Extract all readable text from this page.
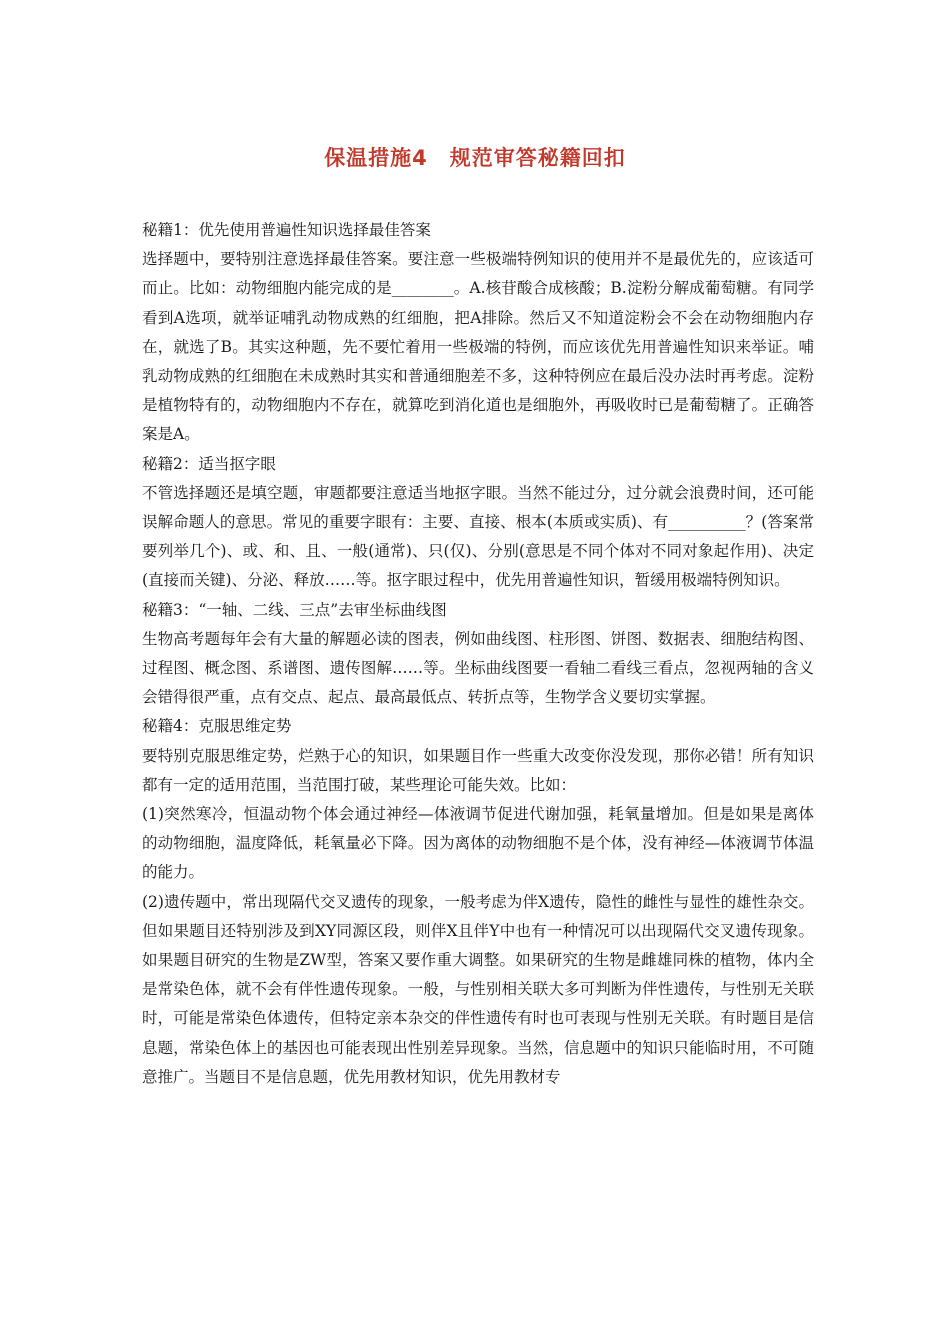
保温措施4　规范审答秘籍回扣

秘籍1：优先使用普遍性知识选择最佳答案

选择题中，要特别注意选择最佳答案。要注意一些极端特例知识的使用并不是最优先的，应该适可而止。比如：动物细胞内能完成的是________。A.核苷酸合成核酸；B.淀粉分解成葡萄糖。有同学看到A选项，就举证哺乳动物成熟的红细胞，把A排除。然后又不知道淀粉会不会在动物细胞内存在，就选了B。其实这种题，先不要忙着用一些极端的特例，而应该优先用普遍性知识来举证。哺乳动物成熟的红细胞在未成熟时其实和普通细胞差不多，这种特例应在最后没办法时再考虑。淀粉是植物特有的，动物细胞内不存在，就算吃到消化道也是细胞外，再吸收时已是葡萄糖了。正确答案是A。

秘籍2：适当抠字眼

不管选择题还是填空题，审题都要注意适当地抠字眼。当然不能过分，过分就会浪费时间，还可能误解命题人的意思。常见的重要字眼有：主要、直接、根本(本质或实质)、有__________？(答案常要列举几个)、或、和、且、一般(通常)、只(仅)、分别(意思是不同个体对不同对象起作用)、决定(直接而关键)、分泌、释放……等。抠字眼过程中，优先用普遍性知识，暂缓用极端特例知识。

秘籍3：“一轴、二线、三点”去审坐标曲线图

生物高考题每年会有大量的解题必读的图表，例如曲线图、柱形图、饼图、数据表、细胞结构图、过程图、概念图、系谱图、遗传图解……等。坐标曲线图要一看轴二看线三看点，忽视两轴的含义会错得很严重，点有交点、起点、最高最低点、转折点等，生物学含义要切实掌握。

秘籍4：克服思维定势

要特别克服思维定势，烂熟于心的知识，如果题目作一些重大改变你没发现，那你必错！所有知识都有一定的适用范围，当范围打破，某些理论可能失效。比如：

(1)突然寒冷，恒温动物个体会通过神经—体液调节促进代谢加强，耗氧量增加。但是如果是离体的动物细胞，温度降低，耗氧量必下降。因为离体的动物细胞不是个体，没有神经—体液调节体温的能力。

(2)遗传题中，常出现隔代交叉遗传的现象，一般考虑为伴X遗传，隐性的雌性与显性的雄性杂交。但如果题目还特别涉及到XY同源区段，则伴X且伴Y中也有一种情况可以出现隔代交叉遗传现象。如果题目研究的生物是ZW型，答案又要作重大调整。如果研究的生物是雌雄同株的植物，体内全是常染色体，就不会有伴性遗传现象。一般，与性别相关联大多可判断为伴性遗传，与性别无关联时，可能是常染色体遗传，但特定亲本杂交的伴性遗传有时也可表现与性别无关联。有时题目是信息题，常染色体上的基因也可能表现出性别差异现象。当然，信息题中的知识只能临时用，不可随意推广。当题目不是信息题，优先用教材知识，优先用教材专
